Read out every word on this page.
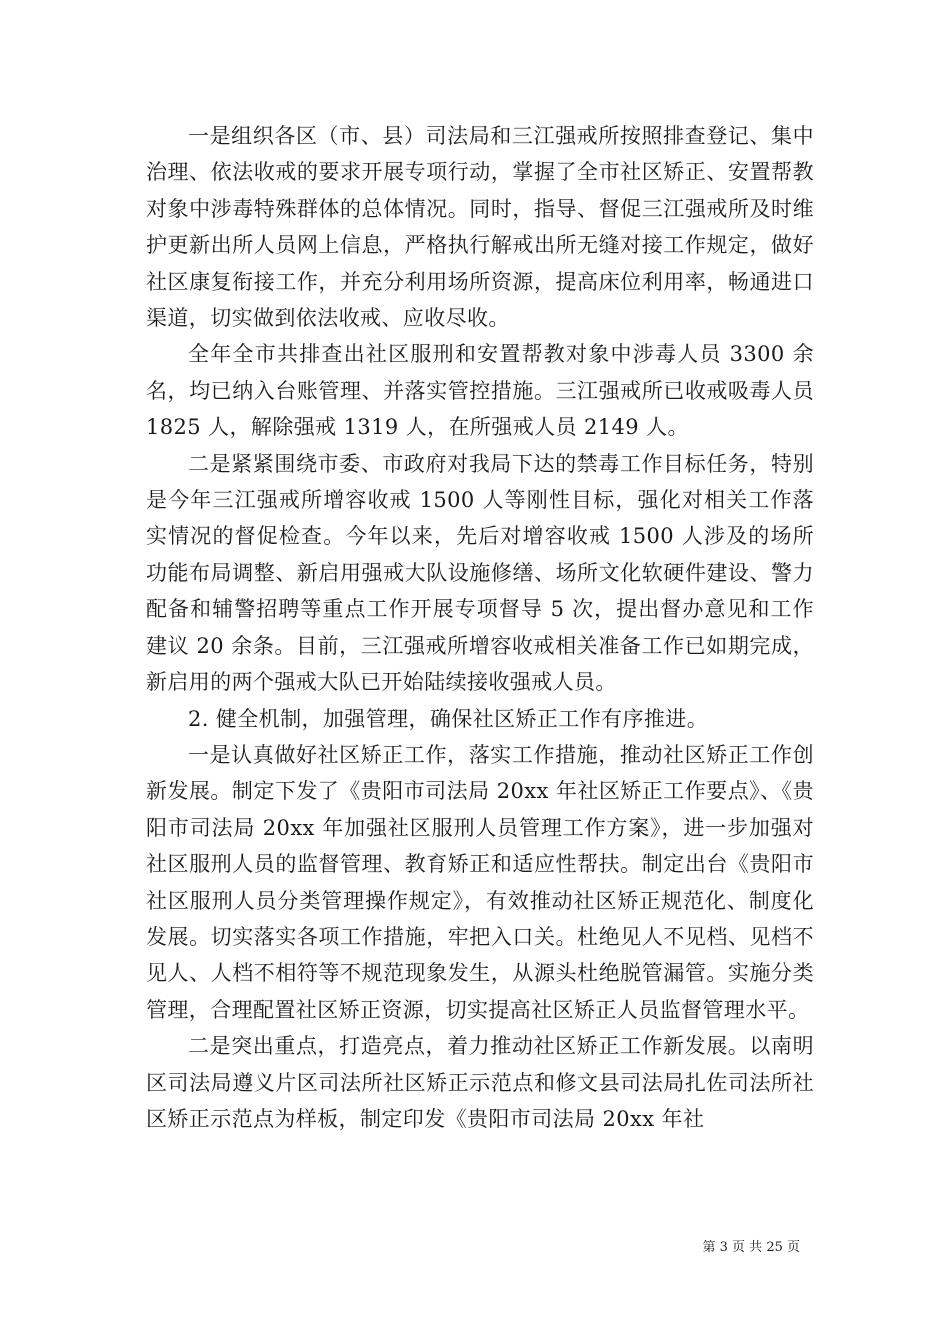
一是组织各区（市、县）司法局和三江强戒所按照排查登记、集中治理、依法收戒的要求开展专项行动，掌握了全市社区矫正、安置帮教对象中涉毒特殊群体的总体情况。同时，指导、督促三江强戒所及时维护更新出所人员网上信息，严格执行解戒出所无缝对接工作规定，做好社区康复衔接工作，并充分利用场所资源，提高床位利用率，畅通进口渠道，切实做到依法收戒、应收尽收。

全年全市共排查出社区服刑和安置帮教对象中涉毒人员 3300 余名，均已纳入台账管理、并落实管控措施。三江强戒所已收戒吸毒人员 1825 人，解除强戒 1319 人，在所强戒人员 2149 人。

二是紧紧围绕市委、市政府对我局下达的禁毒工作目标任务，特别是今年三江强戒所增容收戒 1500 人等刚性目标，强化对相关工作落实情况的督促检查。今年以来，先后对增容收戒 1500 人涉及的场所功能布局调整、新启用强戒大队设施修缮、场所文化软硬件建设、警力配备和辅警招聘等重点工作开展专项督导 5 次，提出督办意见和工作建议 20 余条。目前，三江强戒所增容收戒相关准备工作已如期完成，新启用的两个强戒大队已开始陆续接收强戒人员。

2. 健全机制，加强管理，确保社区矫正工作有序推进。

一是认真做好社区矫正工作，落实工作措施，推动社区矫正工作创新发展。制定下发了《贵阳市司法局 20xx 年社区矫正工作要点》、《贵阳市司法局 20xx 年加强社区服刑人员管理工作方案》，进一步加强对社区服刑人员的监督管理、教育矫正和适应性帮扶。制定出台《贵阳市社区服刑人员分类管理操作规定》，有效推动社区矫正规范化、制度化发展。切实落实各项工作措施，牢把入口关。杜绝见人不见档、见档不见人、人档不相符等不规范现象发生，从源头杜绝脱管漏管。实施分类管理，合理配置社区矫正资源，切实提高社区矫正人员监督管理水平。

二是突出重点，打造亮点，着力推动社区矫正工作新发展。以南明区司法局遵义片区司法所社区矫正示范点和修文县司法局扎佐司法所社区矫正示范点为样板，制定印发《贵阳市司法局 20xx 年社

第 3 页 共 25 页
